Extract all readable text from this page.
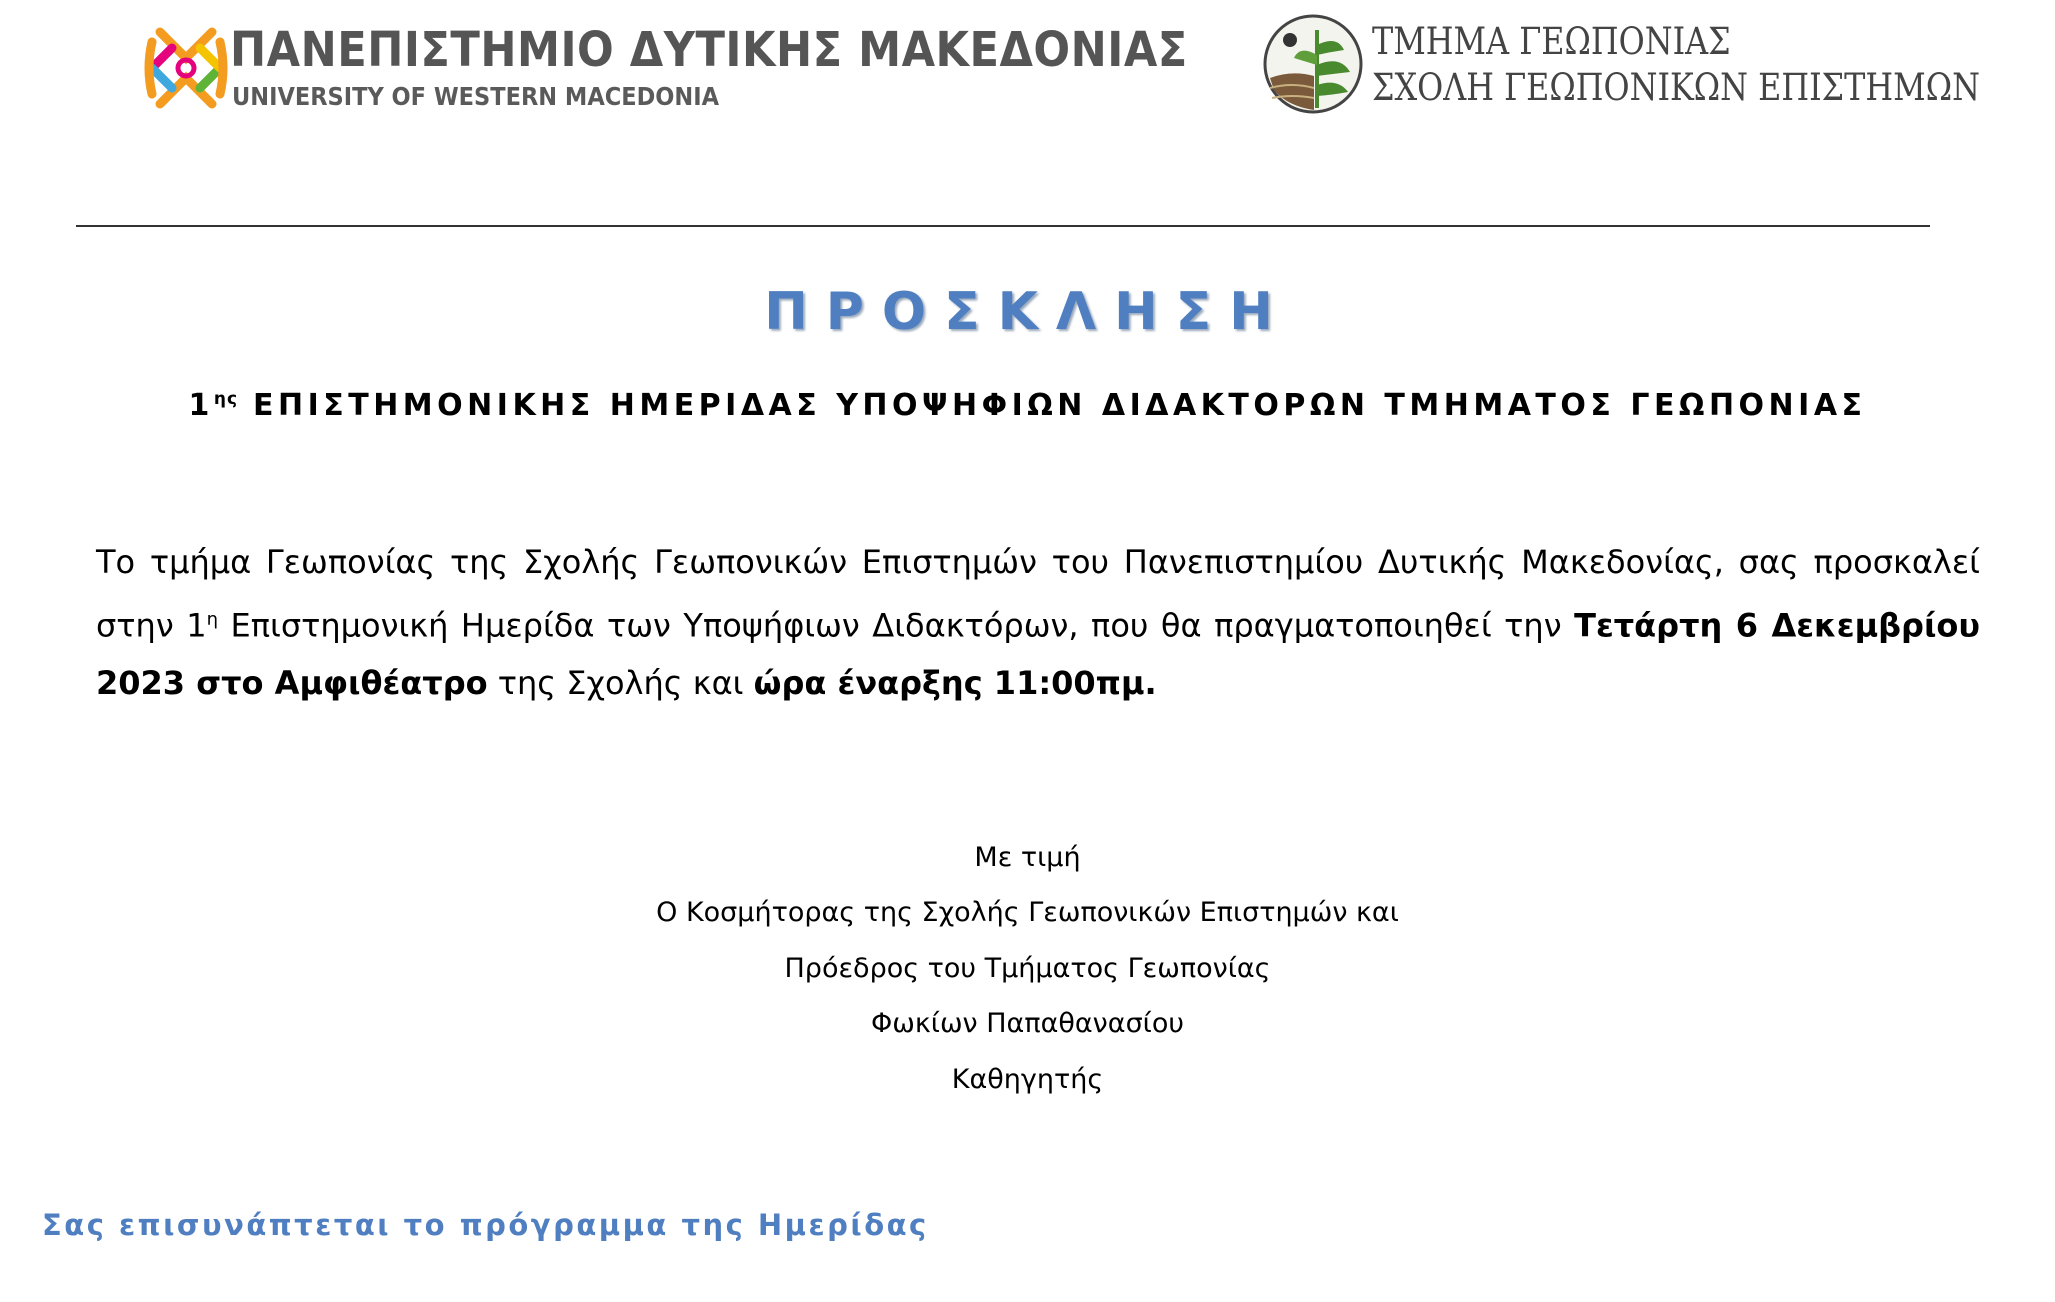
ΠΑΝΕΠΙΣΤΗΜΙΟ ΔΥΤΙΚΗΣ ΜΑΚΕΔΟΝΙΑΣ
UNIVERSITY OF WESTERN MACEDONIA
ΤΜΗΜΑ ΓΕΩΠΟΝΙΑΣ
ΣΧΟΛΗ ΓΕΩΠΟΝΙΚΩΝ ΕΠΙΣΤΗΜΩΝ
ΠΡΟΣΚΛΗΣΗ
$1^{\eta\varsigma}$ ΕΠΙΣΤΗΜΟΝΙΚΗΣ ΗΜΕΡΙΔΑΣ ΥΠΟΨΗΦΙΩΝ ΔΙΔΑΚΤΟΡΩΝ ΤΜΗΜΑΤΟΣ ΓΕΩΠΟΝΙΑΣ
Το τμήμα Γεωπονίας της Σχολής Γεωπονικών Επιστημών του Πανεπιστημίου Δυτικής Μακεδονίας, σας προσκαλεί στην $1^\eta$ Επιστημονική Ημερίδα των Υποψήφιων Διδακτόρων, που θα πραγματοποιηθεί την Τετάρτη 6 Δεκεμβρίου 2023 στο Αμφιθέατρο της Σχολής και ώρα έναρξης 11:00πμ.
Με τιμή
Ο Κοσμήτορας της Σχολής Γεωπονικών Επιστημών και
Πρόεδρος του Τμήματος Γεωπονίας
Φωκίων Παπαθανασίου
Καθηγητής
Σας επισυνάπτεται το πρόγραμμα της Ημερίδας
